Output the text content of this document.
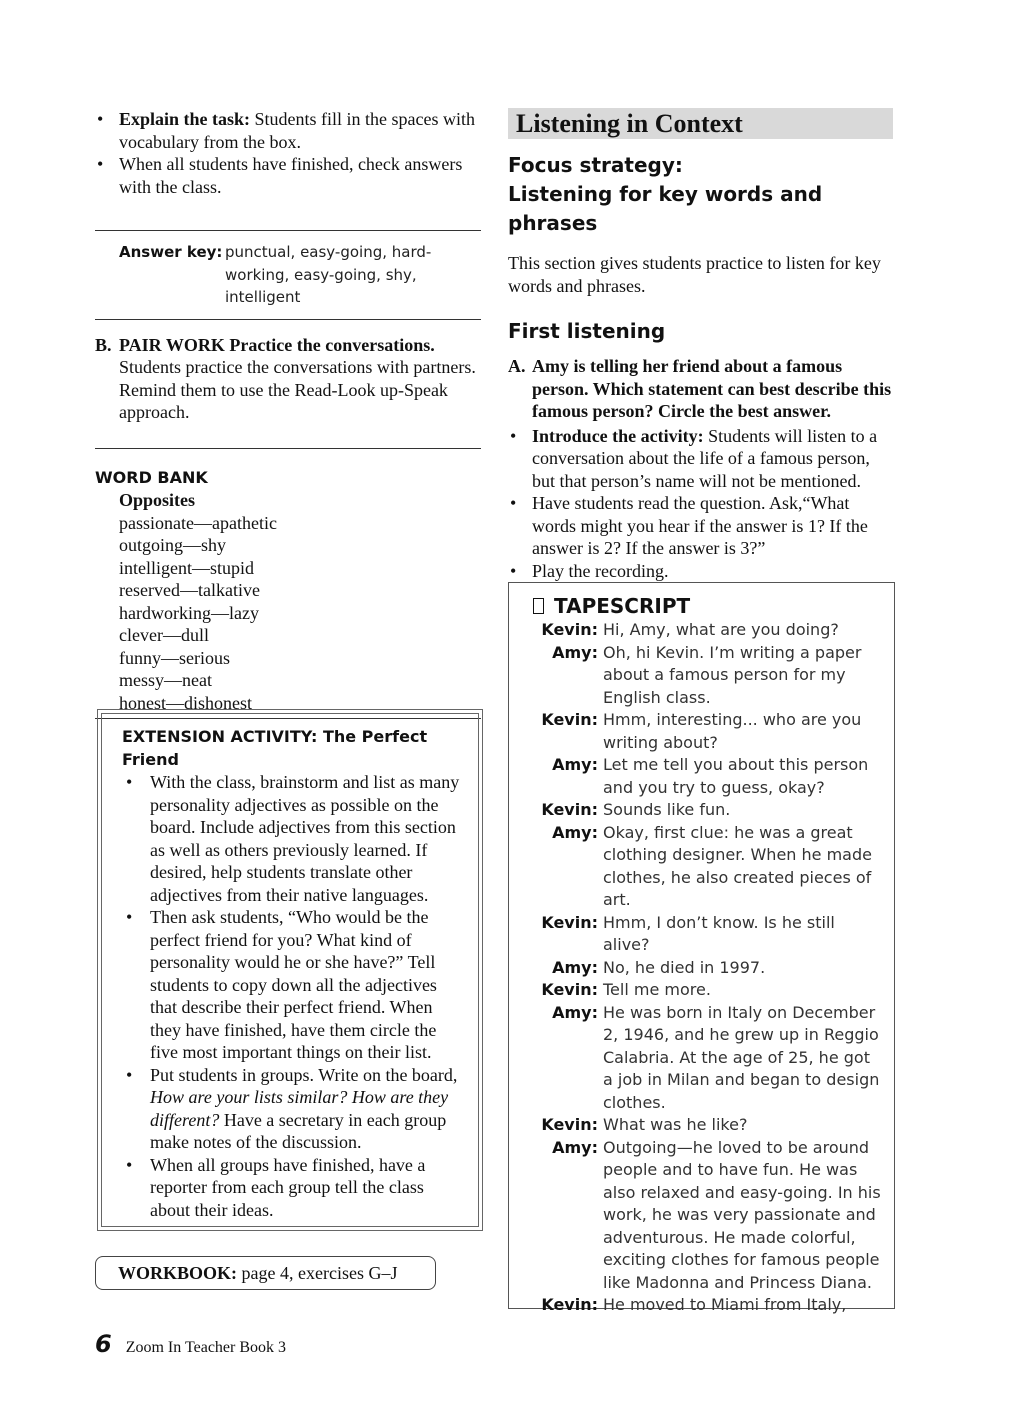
• Explain the task: Students fill in the spaces with vocabulary from the box.
• When all students have finished, check answers with the class.
Answer key: punctual, easy-going, hard-working, easy-going, shy, intelligent
B. PAIR WORK Practice the conversations.
Students practice the conversations with partners. Remind them to use the Read-Look up-Speak approach.
WORD BANK
Opposites
passionate—apathetic
outgoing—shy
intelligent—stupid
reserved—talkative
hardworking—lazy
clever—dull
funny—serious
messy—neat
honest—dishonest
EXTENSION ACTIVITY: The Perfect Friend
• With the class, brainstorm and list as many personality adjectives as possible on the board. Include adjectives from this section as well as others previously learned. If desired, help students translate other adjectives from their native languages.
• Then ask students, “Who would be the perfect friend for you? What kind of personality would he or she have?” Tell students to copy down all the adjectives that describe their perfect friend. When they have finished, have them circle the five most important things on their list.
• Put students in groups. Write on the board, How are your lists similar? How are they different? Have a secretary in each group make notes of the discussion.
• When all groups have finished, have a reporter from each group tell the class about their ideas.
WORKBOOK: page 4, exercises G–J
6 Zoom In Teacher Book 3
Listening in Context
Focus strategy:
Listening for key words and phrases
This section gives students practice to listen for key words and phrases.
First listening
A. Amy is telling her friend about a famous person. Which statement can best describe this famous person? Circle the best answer.
• Introduce the activity: Students will listen to a conversation about the life of a famous person, but that person’s name will not be mentioned.
• Have students read the question. Ask,“What words might you hear if the answer is 1? If the answer is 2? If the answer is 3?”
• Play the recording.
TAPESCRIPT
Kevin: Hi, Amy, what are you doing?
Amy: Oh, hi Kevin. I’m writing a paper about a famous person for my English class.
Kevin: Hmm, interesting... who are you writing about?
Amy: Let me tell you about this person and you try to guess, okay?
Kevin: Sounds like fun.
Amy: Okay, first clue: he was a great clothing designer. When he made clothes, he also created pieces of art.
Kevin: Hmm, I don’t know. Is he still alive?
Amy: No, he died in 1997.
Kevin: Tell me more.
Amy: He was born in Italy on December 2, 1946, and he grew up in Reggio Calabria. At the age of 25, he got a job in Milan and began to design clothes.
Kevin: What was he like?
Amy: Outgoing—he loved to be around people and to have fun. He was also relaxed and easy-going. In his work, he was very passionate and adventurous. He made colorful, exciting clothes for famous people like Madonna and Princess Diana.
Kevin: He moved to Miami from Italy,
